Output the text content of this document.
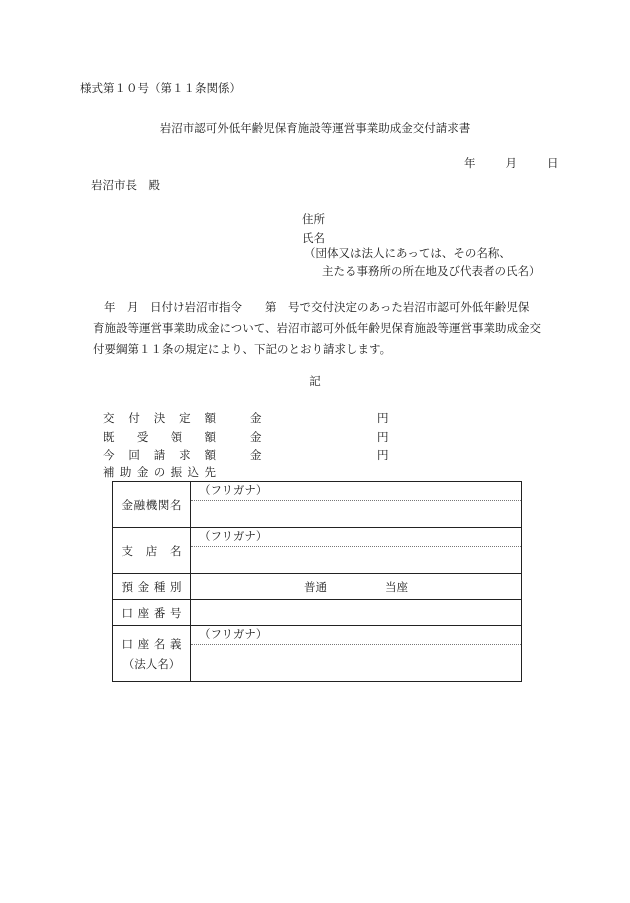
様式第１０号（第１１条関係）
岩沼市認可外低年齢児保育施設等運営事業助成金交付請求書
年	月	日
岩沼市長　殿
住所
氏名
（団体又は法人にあっては、その名称、
主たる事務所の所在地及び代表者の氏名）
年　月　日付け岩沼市指令　　第　号で交付決定のあった岩沼市認可外低年齢児保
育施設等運営事業助成金について、岩沼市認可外低年齢児保育施設等運営事業助成金交
付要綱第１１条の規定により、下記のとおり請求します。
記
交 付 決 定 額	金	円
既 受 領 額	金	円
今 回 請 求 額	金	円
補 助 金 の 振 込 先
金 融 機 関 名	（フリガナ）

支 店 名	（フリガナ）

預 金 種 別	普通 当座

口 座 番 号	

口 座 名 義
（法人名）	（フリガナ）
